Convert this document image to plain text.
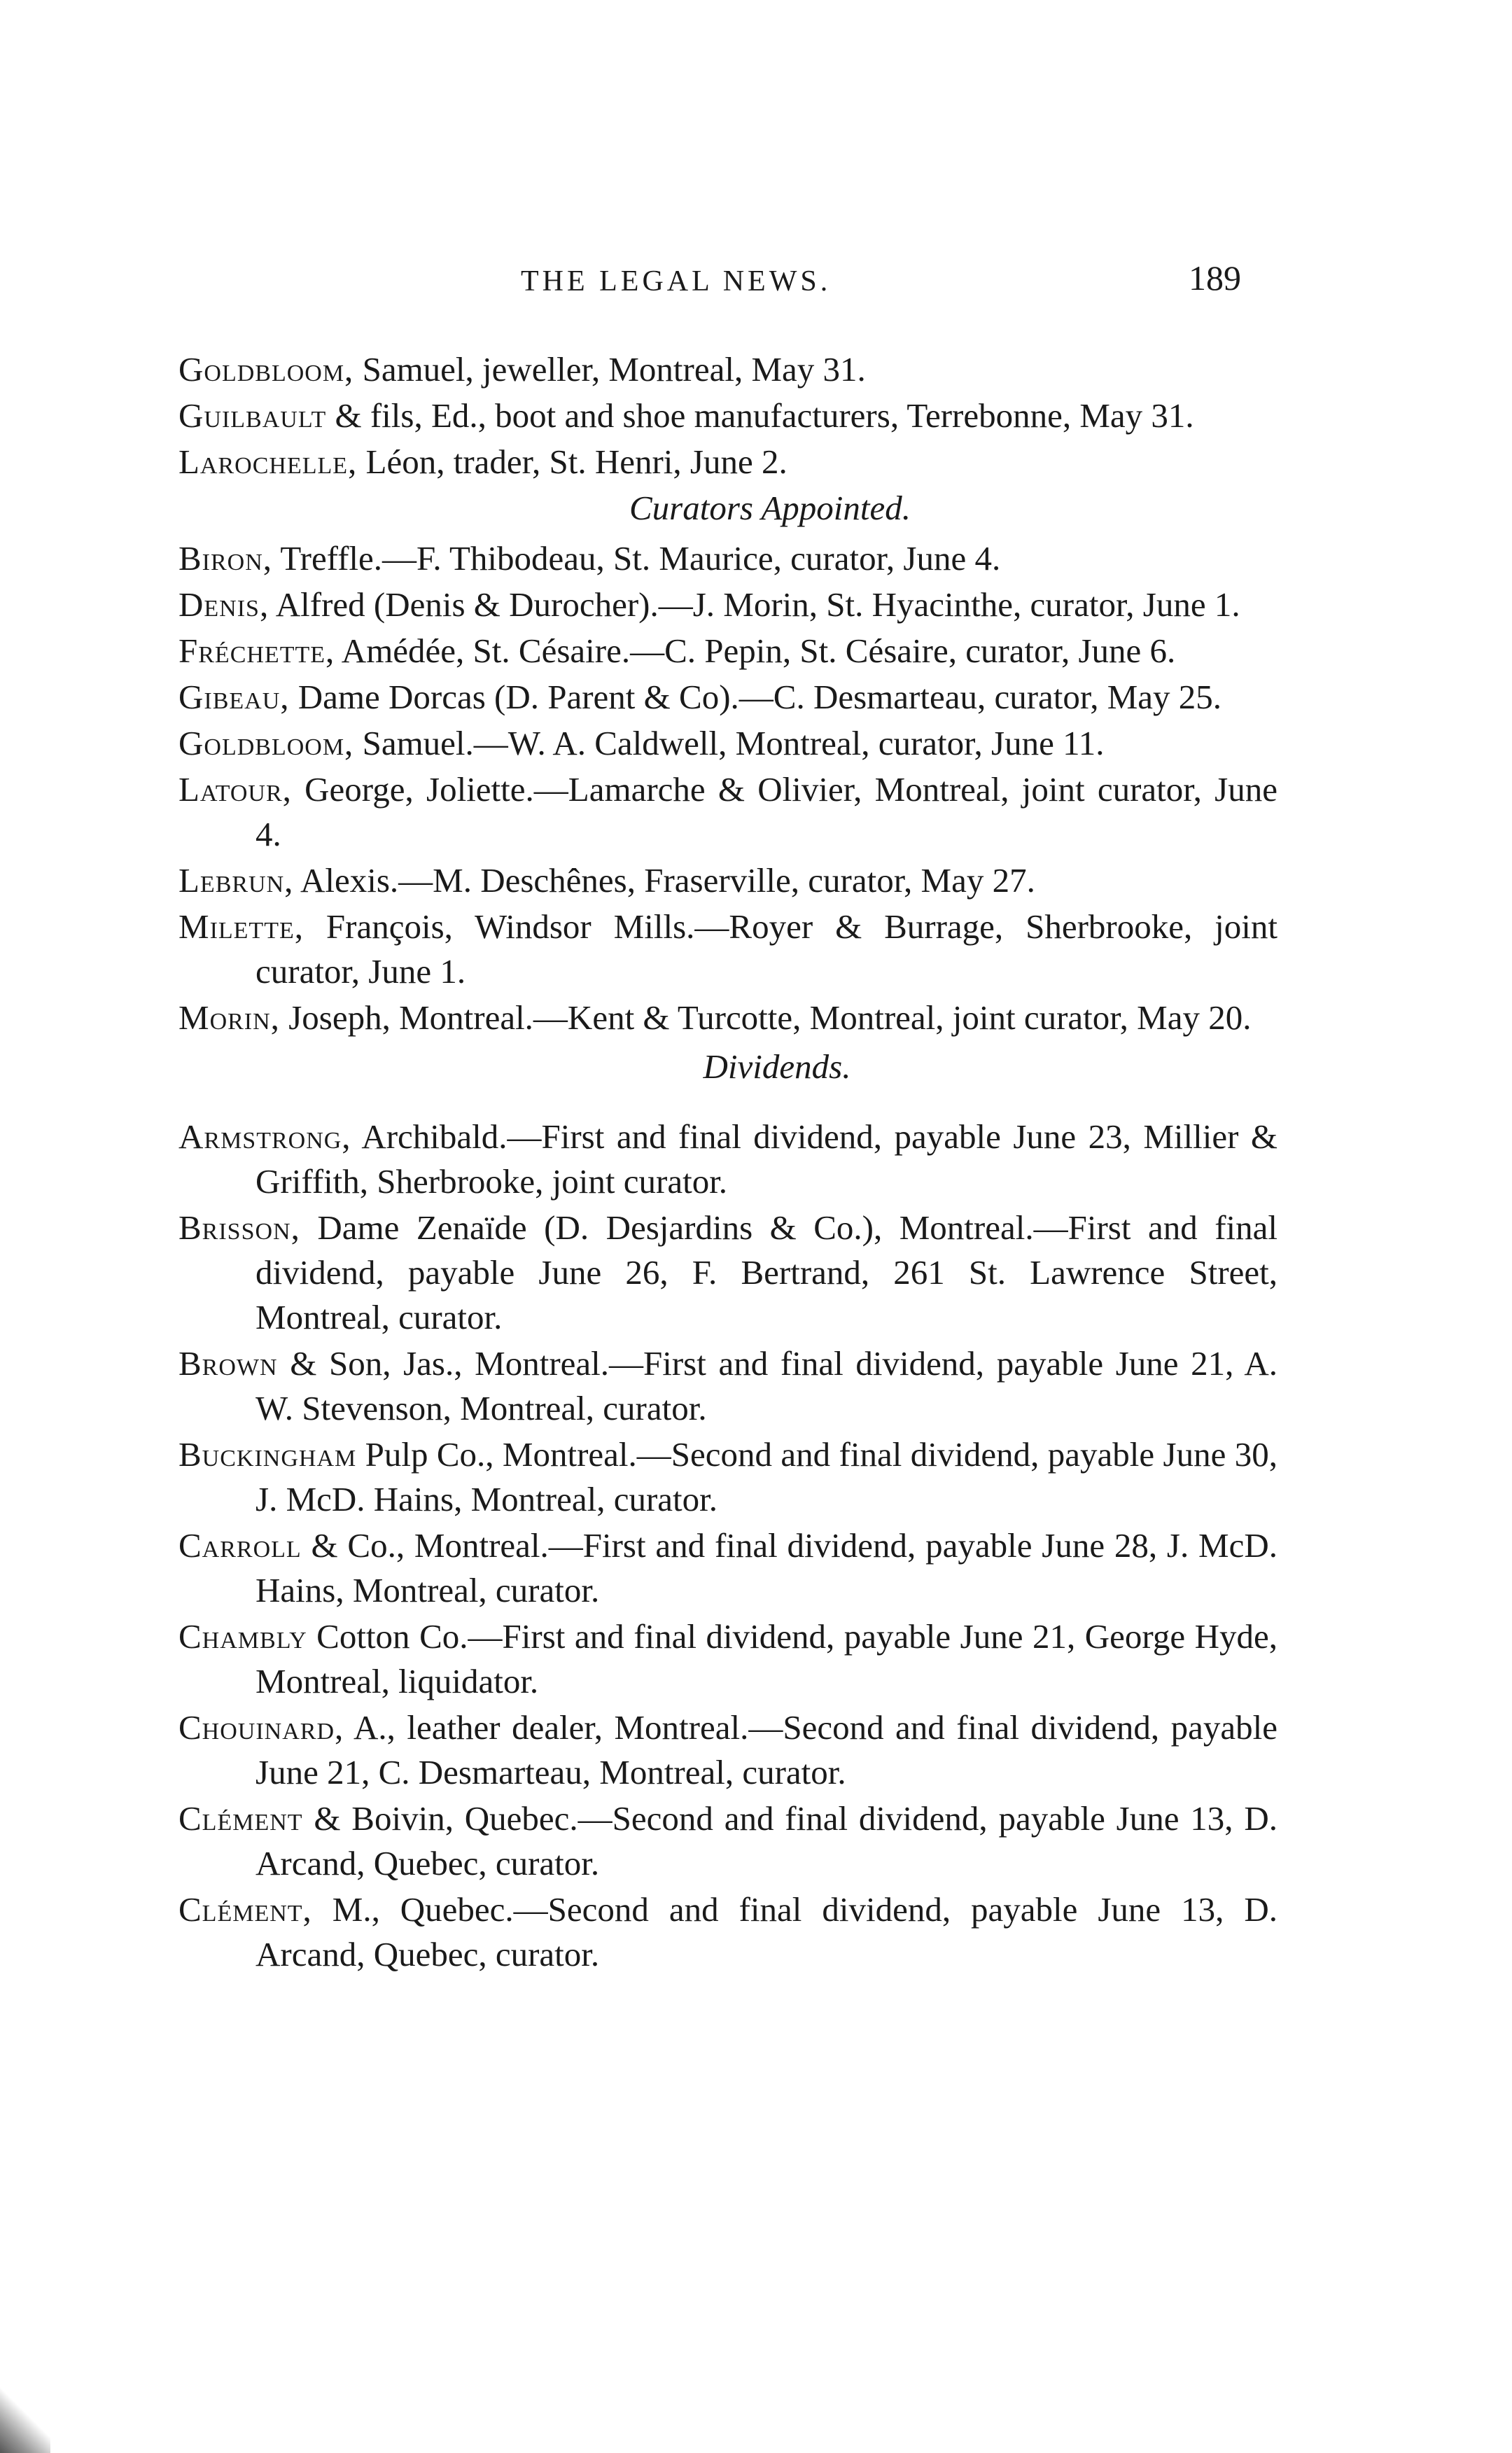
THE LEGAL NEWS.	189

Goldbloom, Samuel, jeweller, Montreal, May 31.

Guilbault & fils, Ed., boot and shoe manufacturers, Terrebonne, May 31.

Larochelle, Léon, trader, St. Henri, June 2.

Curators Appointed.

Biron, Treffle.—F. Thibodeau, St. Maurice, curator, June 4.

Denis, Alfred (Denis & Durocher).—J. Morin, St. Hyacinthe, curator, June 1.

Fréchette, Amédée, St. Césaire.—C. Pepin, St. Césaire, curator, June 6.

Gibeau, Dame Dorcas (D. Parent & Co).—C. Desmarteau, curator, May 25.

Goldbloom, Samuel.—W. A. Caldwell, Montreal, curator, June 11.

Latour, George, Joliette.—Lamarche & Olivier, Montreal, joint curator, June 4.

Lebrun, Alexis.—M. Deschênes, Fraserville, curator, May 27.

Milette, François, Windsor Mills.—Royer & Burrage, Sherbrooke, joint curator, June 1.

Morin, Joseph, Montreal.—Kent & Turcotte, Montreal, joint curator, May 20.

Dividends.

Armstrong, Archibald.—First and final dividend, payable June 23, Millier & Griffith, Sherbrooke, joint curator.

Brisson, Dame Zenaïde (D. Desjardins & Co.), Montreal.—First and final dividend, payable June 26, F. Bertrand, 261 St. Lawrence Street, Montreal, curator.

Brown & Son, Jas., Montreal.—First and final dividend, payable June 21, A. W. Stevenson, Montreal, curator.

Buckingham Pulp Co., Montreal.—Second and final dividend, payable June 30, J. McD. Hains, Montreal, curator.

Carroll & Co., Montreal.—First and final dividend, payable June 28, J. McD. Hains, Montreal, curator.

Chambly Cotton Co.—First and final dividend, payable June 21, George Hyde, Montreal, liquidator.

Chouinard, A., leather dealer, Montreal.—Second and final dividend, payable June 21, C. Desmarteau, Montreal, curator.

Clément & Boivin, Quebec.—Second and final dividend, payable June 13, D. Arcand, Quebec, curator.

Clément, M., Quebec.—Second and final dividend, payable June 13, D. Arcand, Quebec, curator.
